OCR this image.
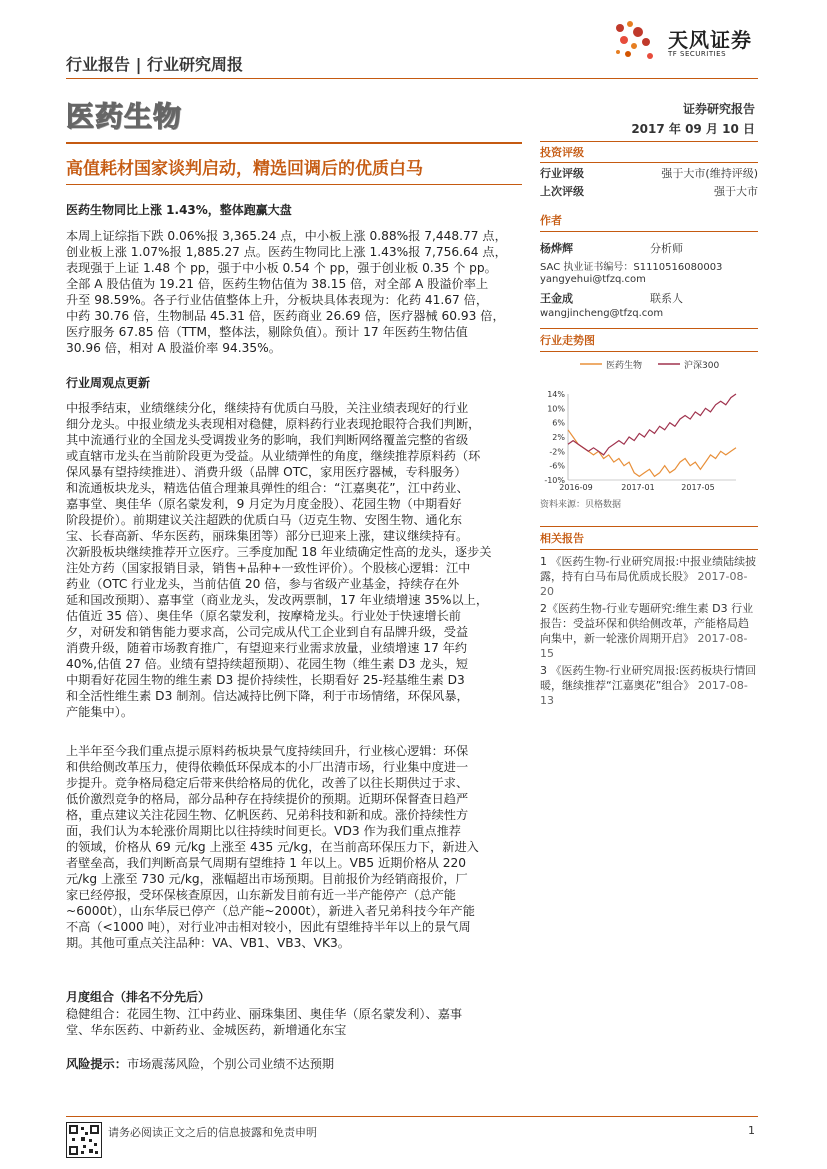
行业报告 | 行业研究周报
天风证券
TF SECURITIES
医药生物	证券研究报告
2017 年 09 月 10 日
高值耗材国家谈判启动，精选回调后的优质白马
医药生物同比上涨 1.43%，整体跑赢大盘
本周上证综指下跌 0.06%报 3,365.24 点，中小板上涨 0.88%报 7,448.77 点，
创业板上涨 1.07%报 1,885.27 点。医药生物同比上涨 1.43%报 7,756.64 点，
表现强于上证 1.48 个 pp，强于中小板 0.54 个 pp，强于创业板 0.35 个 pp。
全部 A 股估值为 19.21 倍，医药生物估值为 38.15 倍，对全部 A 股溢价率上
升至 98.59%。各子行业估值整体上升，分板块具体表现为：化药 41.67 倍，
中药 30.76 倍，生物制品 45.31 倍，医药商业 26.69 倍，医疗器械 60.93 倍，
医疗服务 67.85 倍（TTM，整体法，剔除负值）。预计 17 年医药生物估值
30.96 倍，相对 A 股溢价率 94.35%。
行业周观点更新
中报季结束，业绩继续分化，继续持有优质白马股，关注业绩表现好的行业
细分龙头。中报业绩龙头表现相对稳健，原料药行业表现抢眼符合我们判断，
其中流通行业的全国龙头受调拨业务的影响，我们判断网络覆盖完整的省级
或直辖市龙头在当前阶段更为受益。从业绩弹性的角度，继续推荐原料药（环
保风暴有望持续推进）、消费升级（品牌 OTC，家用医疗器械，专科服务）
和流通板块龙头，精选估值合理兼具弹性的组合：“江嘉奥花”，江中药业、
嘉事堂、奥佳华（原名蒙发利，9 月定为月度金股）、花园生物（中期看好
阶段提价）。前期建议关注超跌的优质白马（迈克生物、安图生物、通化东
宝、长春高新、华东医药，丽珠集团等）部分已迎来上涨，建议继续持有。
次新股板块继续推荐开立医疗。三季度加配 18 年业绩确定性高的龙头，逐步关
注处方药（国家报销目录，销售+品种+一致性评价）。个股核心逻辑：江中
药业（OTC 行业龙头，当前估值 20 倍，参与省级产业基金，持续存在外
延和国改预期）、嘉事堂（商业龙头，发改两票制，17 年业绩增速 35%以上，
估值近 35 倍）、奥佳华（原名蒙发利，按摩椅龙头。行业处于快速增长前
夕，对研发和销售能力要求高，公司完成从代工企业到自有品牌升级，受益
消费升级，随着市场教育推广，有望迎来行业需求放量，业绩增速 17 年约
40%,估值 27 倍。业绩有望持续超预期）、花园生物（维生素 D3 龙头，短
中期看好花园生物的维生素 D3 提价持续性，长期看好 25-羟基维生素 D3
和全活性维生素 D3 制剂。信达减持比例下降，利于市场情绪，环保风暴，
产能集中）。
上半年至今我们重点提示原料药板块景气度持续回升，行业核心逻辑：环保
和供给侧改革压力，使得依赖低环保成本的小厂出清市场，行业集中度进一
步提升。竞争格局稳定后带来供给格局的优化，改善了以往长期供过于求、
低价激烈竞争的格局，部分品种存在持续提价的预期。近期环保督查日趋严
格，重点建议关注花园生物、亿帆医药、兄弟科技和新和成。涨价持续性方
面，我们认为本轮涨价周期比以往持续时间更长。VD3 作为我们重点推荐
的领域，价格从 69 元/kg 上涨至 435 元/kg，在当前高环保压力下，新进入
者壁垒高，我们判断高景气周期有望维持 1 年以上。VB5 近期价格从 220
元/kg 上涨至 730 元/kg，涨幅超出市场预期。目前报价为经销商报价，厂
家已经停报，受环保核查原因，山东新发目前有近一半产能停产（总产能
~6000t），山东华辰已停产（总产能~2000t），新进入者兄弟科技今年产能
不高（<1000 吨），对行业冲击相对较小，因此有望维持半年以上的景气周
期。其他可重点关注品种：VA、VB1、VB3、VK3。
月度组合（排名不分先后）
稳健组合：花园生物、江中药业、丽珠集团、奥佳华（原名蒙发利）、嘉事
堂、华东医药、中新药业、金城医药，新增通化东宝
风险提示：市场震荡风险，个别公司业绩不达预期
投资评级
行业评级	强于大市(维持评级)
上次评级	强于大市
作者
杨烨辉	分析师
SAC 执业证书编号：S1110516080003
yangyehui@tfzq.com
王金成	联系人
wangjincheng@tfzq.com
行业走势图
医药生物	沪深300
14%
10%
6%
2%
-2%
-6%
-10%
2016-09	2017-01	2017-05
资料来源：贝格数据
相关报告
1 《医药生物-行业研究周报:中报业绩陆续披露，持有白马布局优质成长股》 2017-08-20
2《医药生物-行业专题研究:维生素 D3 行业报告：受益环保和供给侧改革，产能格局趋向集中，新一轮涨价周期开启》 2017-08-15
3 《医药生物-行业研究周报:医药板块行情回暖，继续推荐“江嘉奥花”组合》 2017-08-13
请务必阅读正文之后的信息披露和免责申明	1
